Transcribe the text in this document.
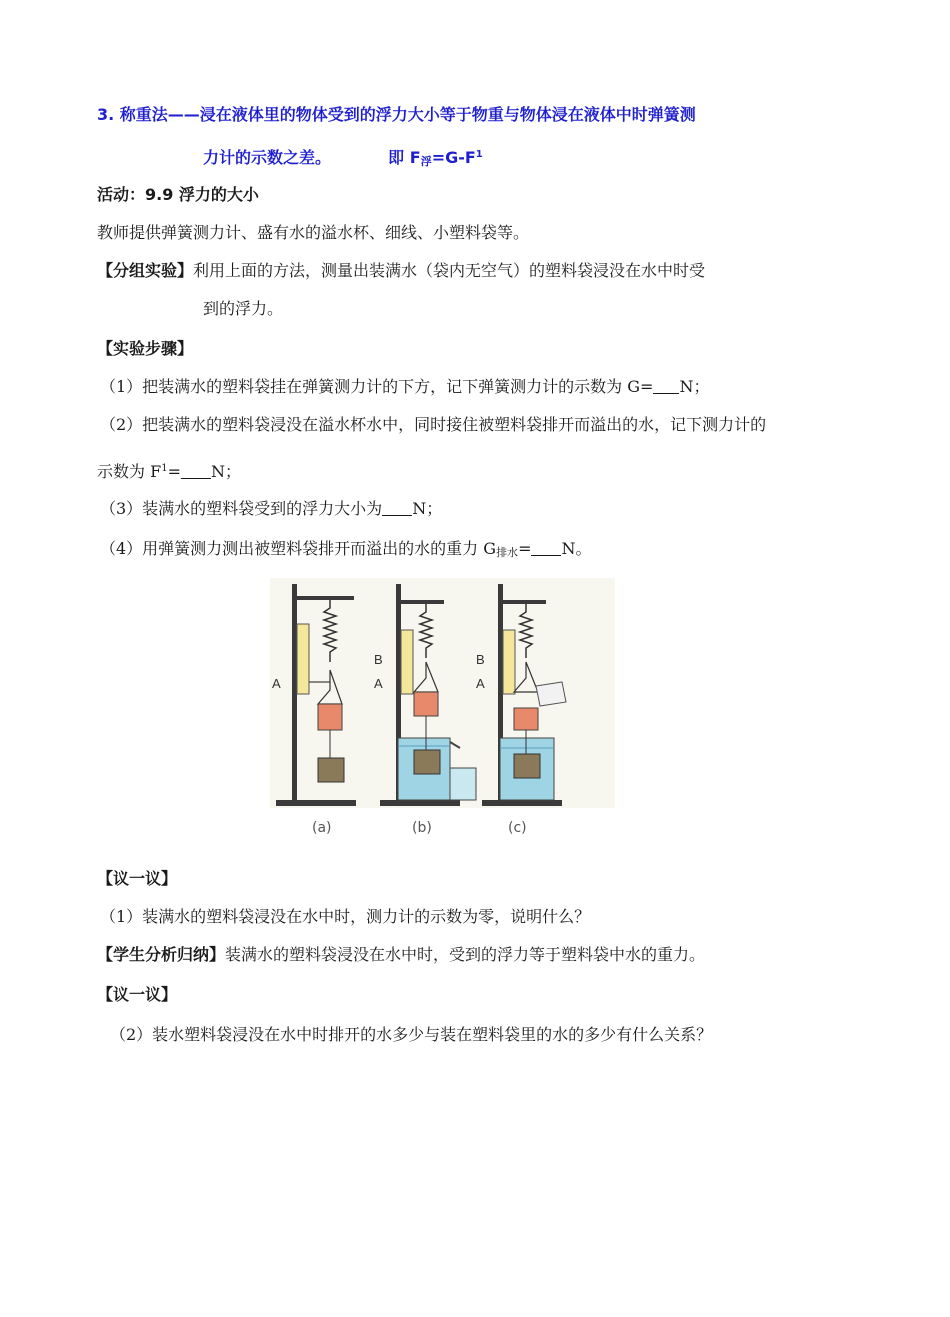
3. 称重法——浸在液体里的物体受到的浮力大小等于物重与物体浸在液体中时弹簧测
力计的示数之差。	即 F浮$=G-F^1$
活动：9.9 浮力的大小
教师提供弹簧测力计、盛有水的溢水杯、细线、小塑料袋等。
【分组实验】利用上面的方法，测量出装满水（袋内无空气）的塑料袋浸没在水中时受
到的浮力。
【实验步骤】
（1）把装满水的塑料袋挂在弹簧测力计的下方，记下弹簧测力计的示数为 G= N；
（2）把装满水的塑料袋浸没在溢水杯水中，同时接住被塑料袋排开而溢出的水，记下测力计的
示数为 $F^1= N$；
（3）装满水的塑料袋受到的浮力大小为 N；
（4）用弹簧测力测出被塑料袋排开而溢出的水的重力 G排水= N。
A
B
A
B
A
(a)	(b)	(c)
【议一议】
（1）装满水的塑料袋浸没在水中时，测力计的示数为零，说明什么？
【学生分析归纳】装满水的塑料袋浸没在水中时，受到的浮力等于塑料袋中水的重力。
【议一议】
（2）装水塑料袋浸没在水中时排开的水多少与装在塑料袋里的水的多少有什么关系？
